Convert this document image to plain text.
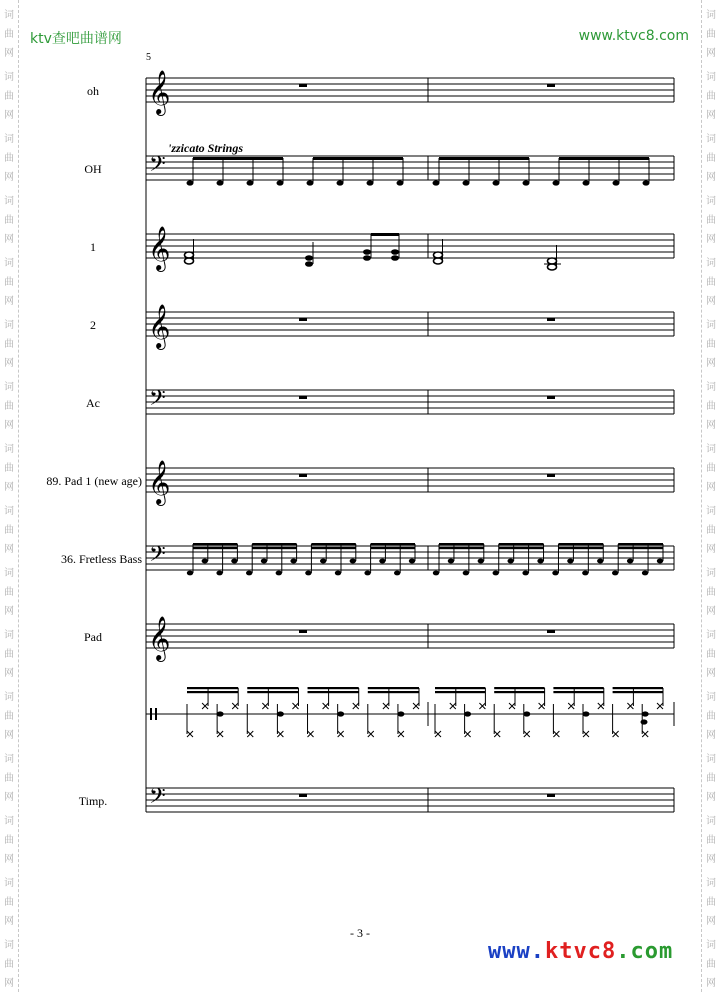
词
曲
网
词
曲
网
词
曲
网
词
曲
网
词
曲
网
词
曲
网
词
曲
网
词
曲
网
词
曲
网
词
曲
网
词
曲
网
词
曲
网
词
曲
网
词
曲
网
词
曲
网
词
曲
网
词
曲
网
词
曲
网
词
曲
网
词
曲
网
词
曲
网
词
曲
网
词
曲
网
词
曲
网
词
曲
网
词
曲
网
词
曲
网
词
曲
网
词
曲
网
词
曲
网
词
曲
网
词
曲
网
ktv查吧曲谱网	www.ktvc8.com
5
'zzicato Strings
oh
OH
1
2
Ac
89. Pad 1 (new age)
36. Fretless Bass
Pad
Timp.
𝄞
𝄢
𝄞
𝄞
𝄢
𝄞
𝄢
𝄞
𝄢
- 3 -
www.ktvc8.com
